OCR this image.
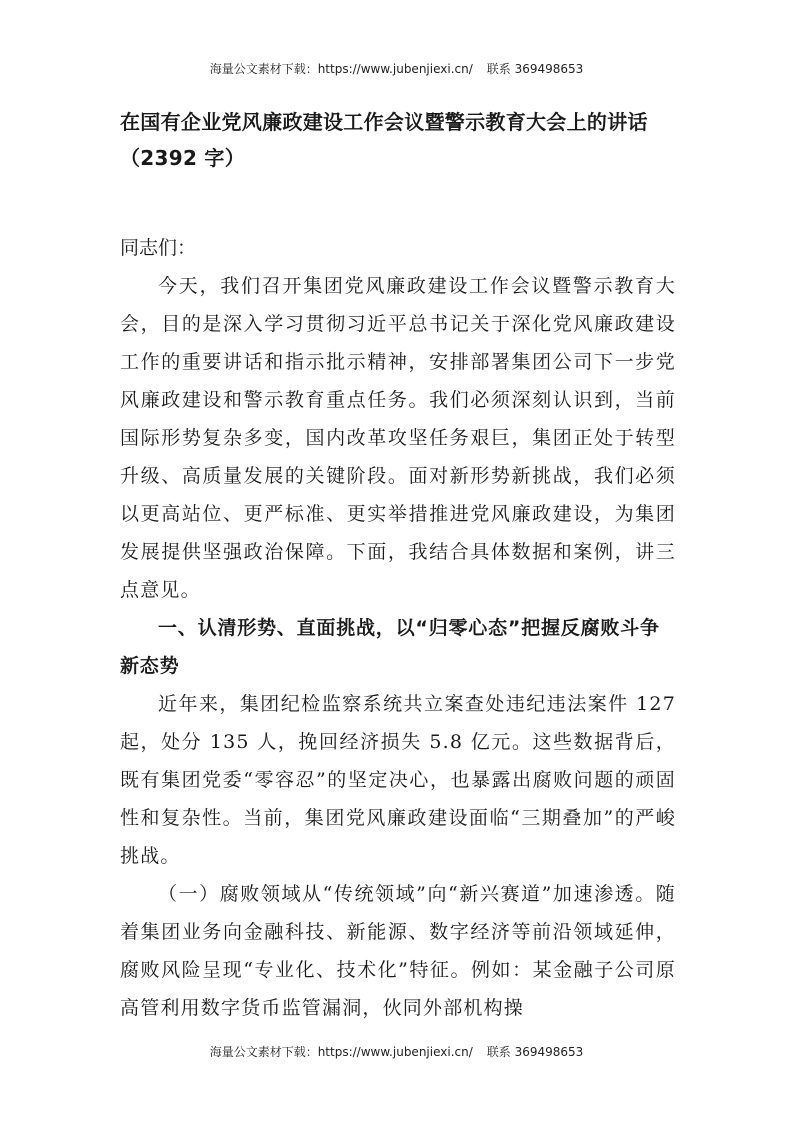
海量公文素材下载：https://www.jubenjiexi.cn/ 联系 369498653
在国有企业党风廉政建设工作会议暨警示教育大会上的讲话（2392 字）
同志们：

今天，我们召开集团党风廉政建设工作会议暨警示教育大会，目的是深入学习贯彻习近平总书记关于深化党风廉政建设工作的重要讲话和指示批示精神，安排部署集团公司下一步党风廉政建设和警示教育重点任务。我们必须深刻认识到，当前国际形势复杂多变，国内改革攻坚任务艰巨，集团正处于转型升级、高质量发展的关键阶段。面对新形势新挑战，我们必须以更高站位、更严标准、更实举措推进党风廉政建设，为集团发展提供坚强政治保障。下面，我结合具体数据和案例，讲三点意见。

一、认清形势、直面挑战，以“归零心态”把握反腐败斗争新态势

近年来，集团纪检监察系统共立案查处违纪违法案件 127 起，处分 135 人，挽回经济损失 5.8 亿元。这些数据背后，既有集团党委“零容忍”的坚定决心，也暴露出腐败问题的顽固性和复杂性。当前，集团党风廉政建设面临“三期叠加”的严峻挑战。

（一）腐败领域从“传统领域”向“新兴赛道”加速渗透。随着集团业务向金融科技、新能源、数字经济等前沿领域延伸，腐败风险呈现“专业化、技术化”特征。例如：某金融子公司原高管利用数字货币监管漏洞，伙同外部机构操

海量公文素材下载：https://www.jubenjiexi.cn/ 联系 369498653
